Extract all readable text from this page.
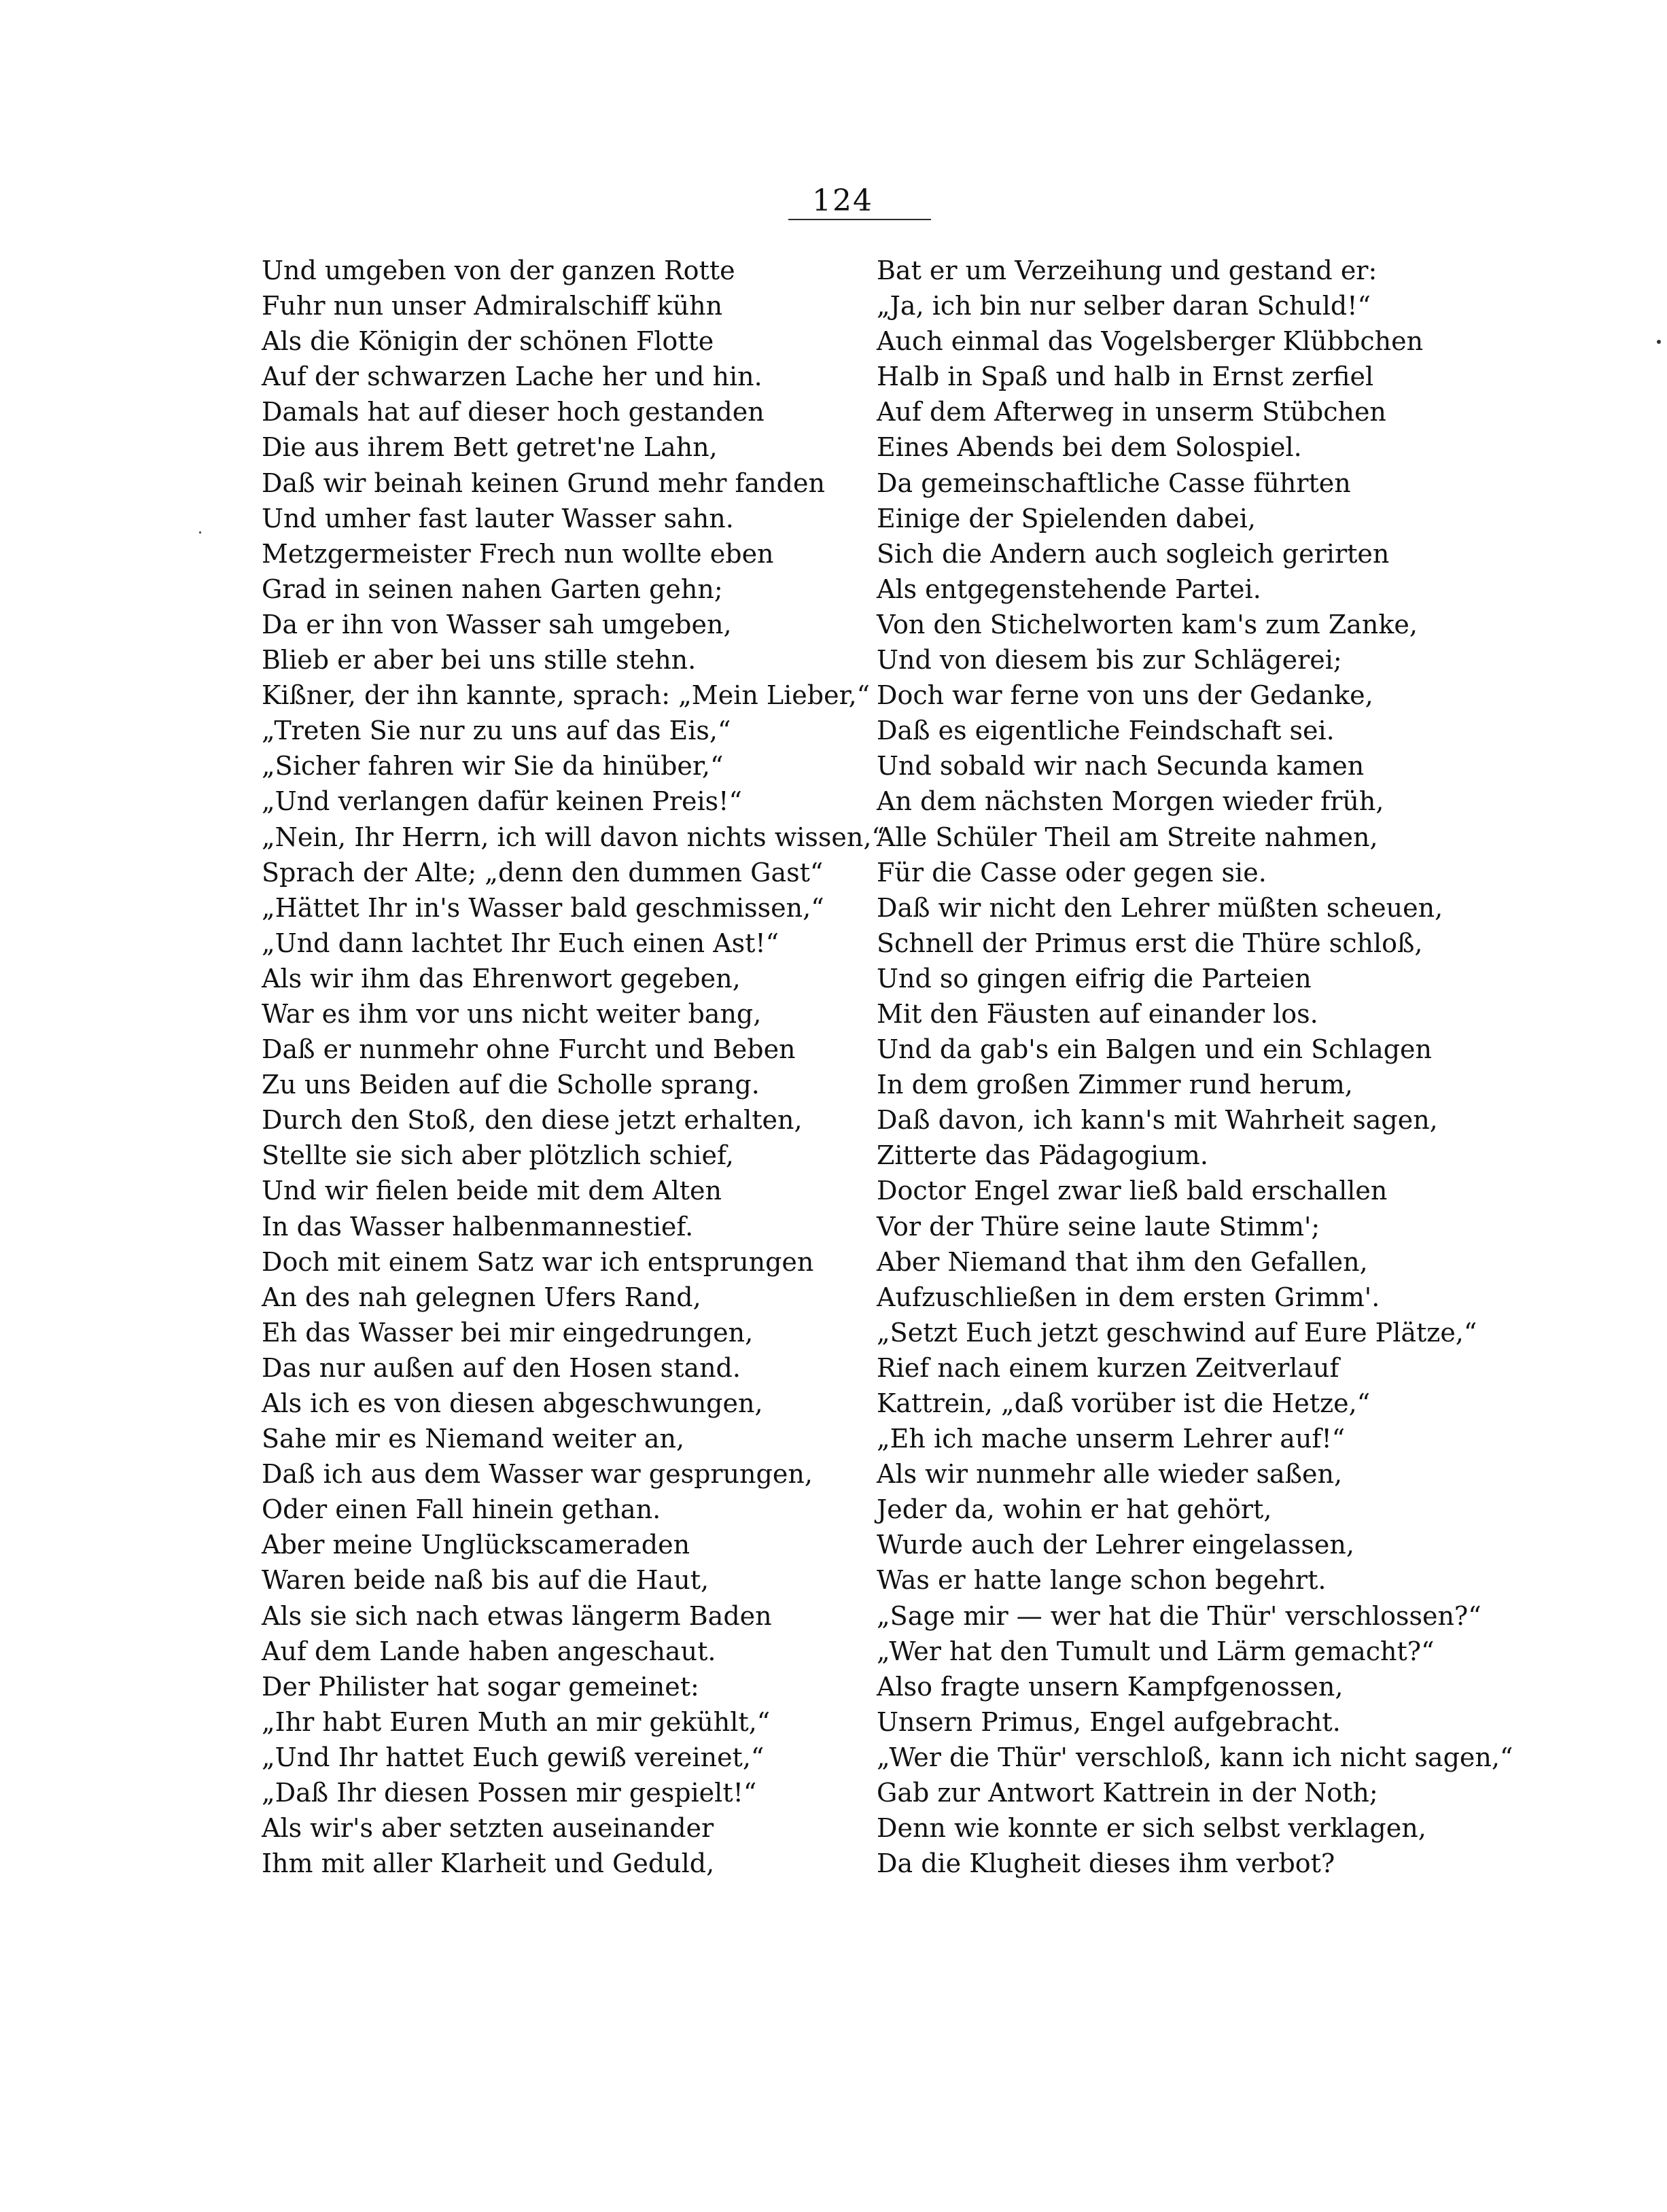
124
Und umgeben von der ganzen Rotte
Fuhr nun unser Admiralschiff kühn
Als die Königin der schönen Flotte
Auf der schwarzen Lache her und hin.
Damals hat auf dieser hoch gestanden
Die aus ihrem Bett getret'ne Lahn,
Daß wir beinah keinen Grund mehr fanden
Und umher fast lauter Wasser sahn.
Metzgermeister Frech nun wollte eben
Grad in seinen nahen Garten gehn;
Da er ihn von Wasser sah umgeben,
Blieb er aber bei uns stille stehn.
Kißner, der ihn kannte, sprach: „Mein Lieber,“
„Treten Sie nur zu uns auf das Eis,“
„Sicher fahren wir Sie da hinüber,“
„Und verlangen dafür keinen Preis!“
„Nein, Ihr Herrn, ich will davon nichts wissen,“
Sprach der Alte; „denn den dummen Gast“
„Hättet Ihr in's Wasser bald geschmissen,“
„Und dann lachtet Ihr Euch einen Ast!“
Als wir ihm das Ehrenwort gegeben,
War es ihm vor uns nicht weiter bang,
Daß er nunmehr ohne Furcht und Beben
Zu uns Beiden auf die Scholle sprang.
Durch den Stoß, den diese jetzt erhalten,
Stellte sie sich aber plötzlich schief,
Und wir fielen beide mit dem Alten
In das Wasser halbenmannestief.
Doch mit einem Satz war ich entsprungen
An des nah gelegnen Ufers Rand,
Eh das Wasser bei mir eingedrungen,
Das nur außen auf den Hosen stand.
Als ich es von diesen abgeschwungen,
Sahe mir es Niemand weiter an,
Daß ich aus dem Wasser war gesprungen,
Oder einen Fall hinein gethan.
Aber meine Unglückscameraden
Waren beide naß bis auf die Haut,
Als sie sich nach etwas längerm Baden
Auf dem Lande haben angeschaut.
Der Philister hat sogar gemeinet:
„Ihr habt Euren Muth an mir gekühlt,“
„Und Ihr hattet Euch gewiß vereinet,“
„Daß Ihr diesen Possen mir gespielt!“
Als wir's aber setzten auseinander
Ihm mit aller Klarheit und Geduld,
Bat er um Verzeihung und gestand er:
„Ja, ich bin nur selber daran Schuld!“
Auch einmal das Vogelsberger Klübbchen
Halb in Spaß und halb in Ernst zerfiel
Auf dem Afterweg in unserm Stübchen
Eines Abends bei dem Solospiel.
Da gemeinschaftliche Casse führten
Einige der Spielenden dabei,
Sich die Andern auch sogleich gerirten
Als entgegenstehende Partei.
Von den Stichelworten kam's zum Zanke,
Und von diesem bis zur Schlägerei;
Doch war ferne von uns der Gedanke,
Daß es eigentliche Feindschaft sei.
Und sobald wir nach Secunda kamen
An dem nächsten Morgen wieder früh,
Alle Schüler Theil am Streite nahmen,
Für die Casse oder gegen sie.
Daß wir nicht den Lehrer müßten scheuen,
Schnell der Primus erst die Thüre schloß,
Und so gingen eifrig die Parteien
Mit den Fäusten auf einander los.
Und da gab's ein Balgen und ein Schlagen
In dem großen Zimmer rund herum,
Daß davon, ich kann's mit Wahrheit sagen,
Zitterte das Pädagogium.
Doctor Engel zwar ließ bald erschallen
Vor der Thüre seine laute Stimm';
Aber Niemand that ihm den Gefallen,
Aufzuschließen in dem ersten Grimm'.
„Setzt Euch jetzt geschwind auf Eure Plätze,“
Rief nach einem kurzen Zeitverlauf
Kattrein, „daß vorüber ist die Hetze,“
„Eh ich mache unserm Lehrer auf!“
Als wir nunmehr alle wieder saßen,
Jeder da, wohin er hat gehört,
Wurde auch der Lehrer eingelassen,
Was er hatte lange schon begehrt.
„Sage mir — wer hat die Thür' verschlossen?“
„Wer hat den Tumult und Lärm gemacht?“
Also fragte unsern Kampfgenossen,
Unsern Primus, Engel aufgebracht.
„Wer die Thür' verschloß, kann ich nicht sagen,“
Gab zur Antwort Kattrein in der Noth;
Denn wie konnte er sich selbst verklagen,
Da die Klugheit dieses ihm verbot?
